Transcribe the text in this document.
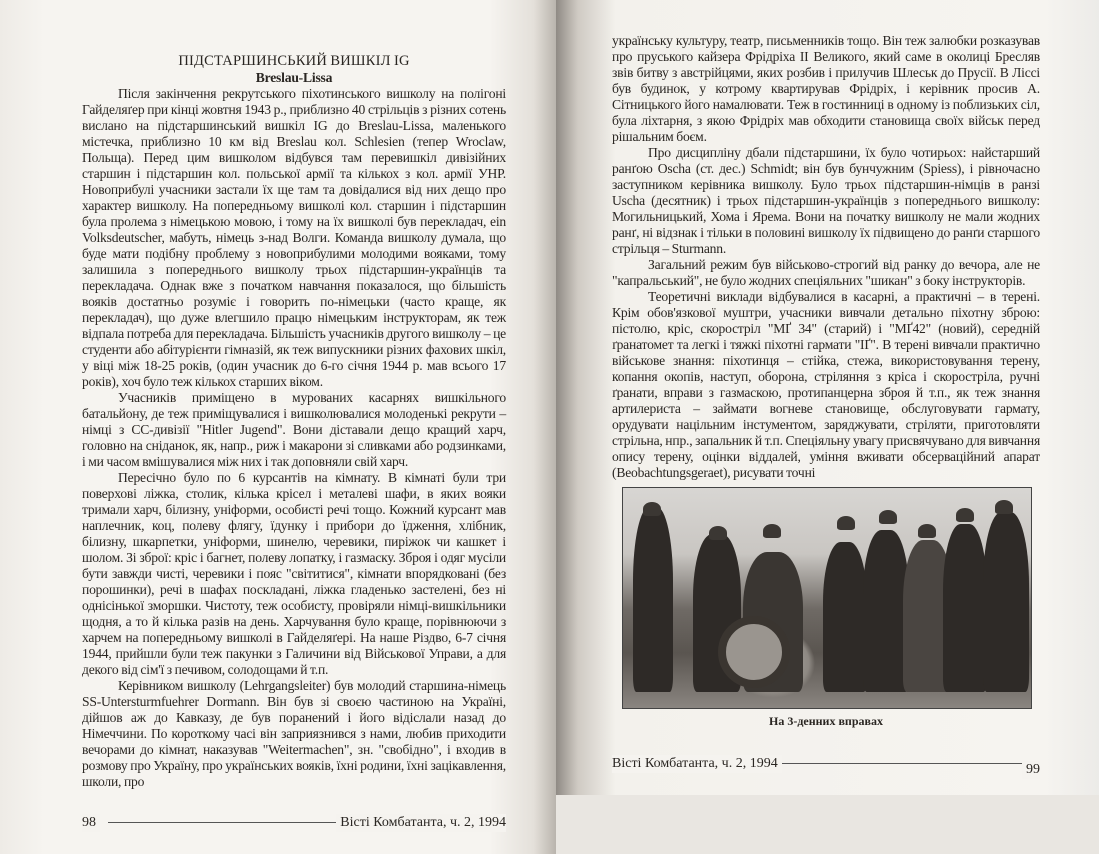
ПІДСТАРШИНСЬКИЙ ВИШКІЛ IG
Breslau-Lissa

Після закінчення рекрутського піхотинського вишколу на полігоні Гайделяґер при кінці жовтня 1943 р., приблизно 40 стрільців з різних сотень вислано на підстаршинський вишкіл IG до Breslau-Lissa, маленького містечка, приблизно 10 км від Breslau кол. Schlesien (тепер Wroclaw, Польща). Перед цим вишколом відбувся там перевишкіл дивізійних старшин і підстаршин кол. польської армії та кількох з кол. армії УНР. Новоприбулі учасники застали їх ще там та довідалися від них дещо про характер вишколу. На попередньому вишколі кол. старшин і підстаршин була пролема з німецькою мовою, і тому на їх вишколі був перекладач, ein Volksdeutscher, мабуть, німець з-над Волги. Команда вишколу думала, що буде мати подібну проблему з новоприбулими молодими вояками, тому залишила з попереднього вишколу трьох підстаршин-українців та перекладача. Однак вже з початком навчання показалося, що більшість вояків достатньо розуміє і говорить по-німецьки (часто краще, як перекладач), що дуже влегшило працю німецьким інструкторам, як теж відпала потреба для перекладача. Більшість учасників другого вишколу – це студенти або абітурієнти гімназій, як теж випускники різних фахових шкіл, у віці між 18-25 років, (один учасник до 6-го січня 1944 р. мав всього 17 років), хоч було теж кількох старших віком.

Учасників приміщено в мурованих касарнях вишкільного батальйону, де теж приміщувалися і вишколювалися молоденькі рекрути – німці з СС-дивізії "Hitler Jugend". Вони діставали дещо кращий харч, головно на сніданок, як, напр., риж і макарони зі сливками або родзинками, і ми часом вмішувалися між них і так доповняли свій харч.

Пересічно було по 6 курсантів на кімнату. В кімнаті були три поверхові ліжка, столик, кілька крісел і металеві шафи, в яких вояки тримали харч, білизну, уніформи, особисті речі тощо. Кожний курсант мав наплечник, коц, полеву флягу, їдунку і прибори до їдження, хлібник, білизну, шкарпетки, уніформи, шинелю, черевики, пиріжок чи кашкет і шолом. Зі зброї: кріс і багнет, полеву лопатку, і газмаску. Зброя і одяг мусіли бути завжди чисті, черевики і пояс "світитися", кімнати впорядковані (без порошинки), речі в шафах поскладані, ліжка гладенько застелені, без ні однісінької зморшки. Чистоту, теж особисту, провіряли німці-вишкільники щодня, а то й кілька разів на день. Харчування було краще, порівнюючи з харчем на попередньому вишколі в Гайделяґері. На наше Різдво, 6-7 січня 1944, прийшли були теж пакунки з Галичини від Військової Управи, а для декого від сім'ї з печивом, солодощами й т.п.

Керівником вишколу (Lehrgangsleiter) був молодий старшина-німець SS-Untersturmfuehrer Dormann. Він був зі своєю частиною на Україні, дійшов аж до Кавказу, де був поранений і його відіслали назад до Німеччини. По короткому часі він заприязнився з нами, любив приходити вечорами до кімнат, наказував "Weitermachen", зн. "свобідно", і входив в розмову про Україну, про українських вояків, їхні родини, їхні зацікавлення, школи, про

98	Вісті Комбатанта, ч. 2, 1994

українську культуру, театр, письменників тощо. Він теж залюбки розказував про пруського кайзера Фрідріха II Великого, який саме в околиці Бресляв звів битву з австрійцями, яких розбив і прилучив Шлеськ до Прусії. В Ліссі був будинок, у котрому квартирував Фрідріх, і керівник просив А. Сітницького його намалювати. Теж в гостинниці в одному із поблизьких сіл, була ліхтарня, з якою Фрідріх мав обходити становища своїх військ перед рішальним боєм.

Про дисципліну дбали підстаршини, їх було чотирьох: найстарший ранґою Oscha (ст. дес.) Schmidt; він був бунчужним (Spiess), і рівночасно заступником керівника вишколу. Було трьох підстаршин-німців в ранзі Uscha (десятник) і трьох підстаршин-українців з попереднього вишколу: Могильницький, Хома і Ярема. Вони на початку вишколу не мали жодних ранґ, ні відзнак і тільки в половині вишколу їх підвищено до ранґи старшого стрільця – Sturmann.

Загальний режим був військово-строгий від ранку до вечора, але не "капральський", не було жодних спеціяльних "шикан" з боку інструкторів.

Теоретичні виклади відбувалися в касарні, а практичні – в терені. Крім обов'язкової муштри, учасники вивчали детально піхотну зброю: пістолю, кріс, скоростріл "МҐ 34" (старий) і "МҐ42" (новий), середній ґранатомет та легкі і тяжкі піхотні гармати "IҐ". В терені вивчали практично військове знання: піхотинця – стійка, стежа, використовування терену, копання окопів, наступ, оборона, стріляння з кріса і скоростріла, ручні ґранати, вправи з газмаскою, протипанцерна зброя й т.п., як теж знання артилериста – займати вогневе становище, обслуговувати гармату, орудувати націльним інстументом, заряджувати, стріляти, приготовляти стрільна, нпр., запальник й т.п. Спеціяльну увагу присвячувано для вивчання опису терену, оцінки віддалей, уміння вживати обсерваційний апарат (Beobachtungsgeraet), рисувати точні

На 3-денних вправах
Вісті Комбатанта, ч. 2, 1994	99
